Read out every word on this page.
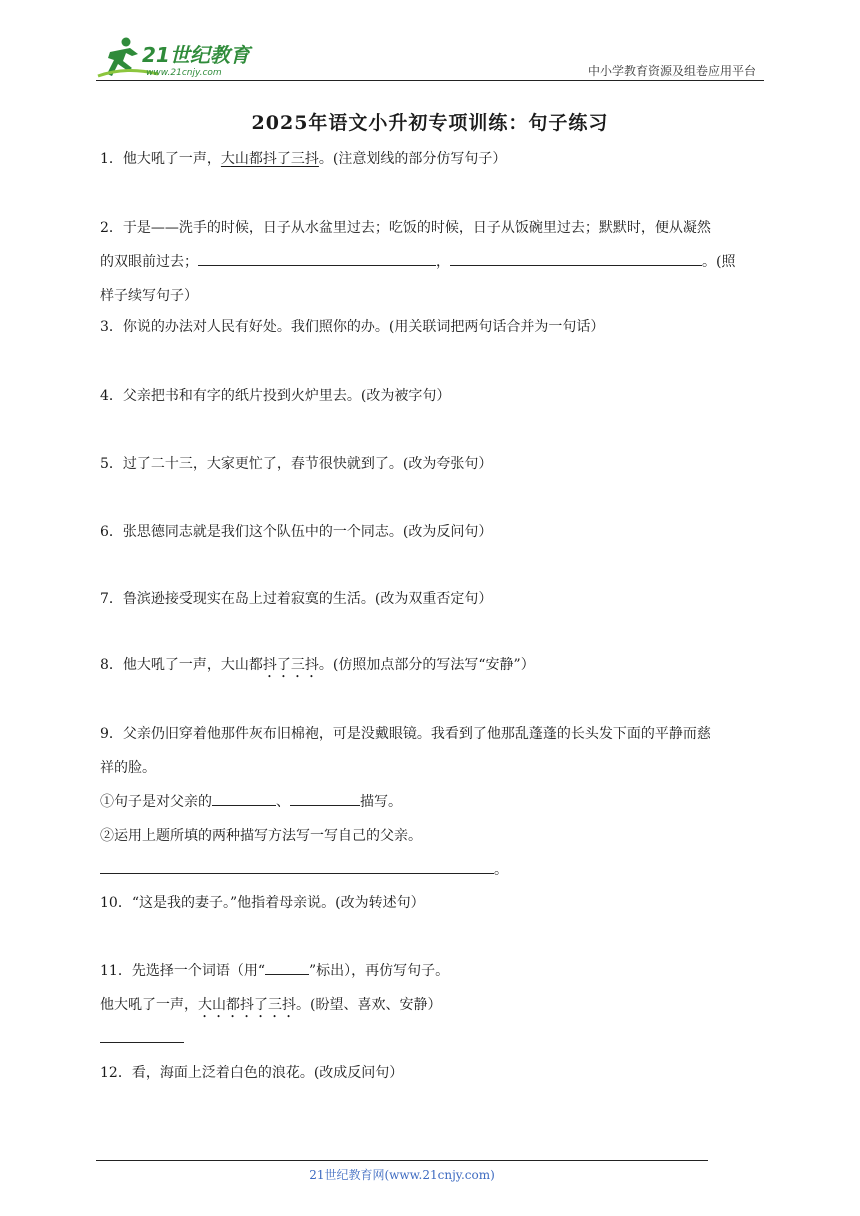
21世纪教育
www.21cnjy.com	中小学教育资源及组卷应用平台
2025年语文小升初专项训练：句子练习
1．他大吼了一声，大山都抖了三抖。(注意划线的部分仿写句子）
2．于是——洗手的时候，日子从水盆里过去；吃饭的时候，日子从饭碗里过去；默默时，便从凝然
的双眼前过去；	，	。(照
样子续写句子）
3．你说的办法对人民有好处。我们照你的办。(用关联词把两句话合并为一句话）
4．父亲把书和有字的纸片投到火炉里去。(改为被字句）
5．过了二十三，大家更忙了，春节很快就到了。(改为夸张句）
6．张思德同志就是我们这个队伍中的一个同志。(改为反问句）
7．鲁滨逊接受现实在岛上过着寂寞的生活。(改为双重否定句）
8．他大吼了一声，大山都抖了三抖。(仿照加点部分的写法写“安静”）
9．父亲仍旧穿着他那件灰布旧棉袍，可是没戴眼镜。我看到了他那乱蓬蓬的长头发下面的平静而慈
祥的脸。
①句子是对父亲的	、	描写。
②运用上题所填的两种描写方法写一写自己的父亲。
。
10．“这是我的妻子。”他指着母亲说。(改为转述句）
11．先选择一个词语（用“	”标出），再仿写句子。
他大吼了一声，大山都抖了三抖。(盼望、喜欢、安静）
12．看，海面上泛着白色的浪花。(改成反问句）
21世纪教育网(www.21cnjy.com)
